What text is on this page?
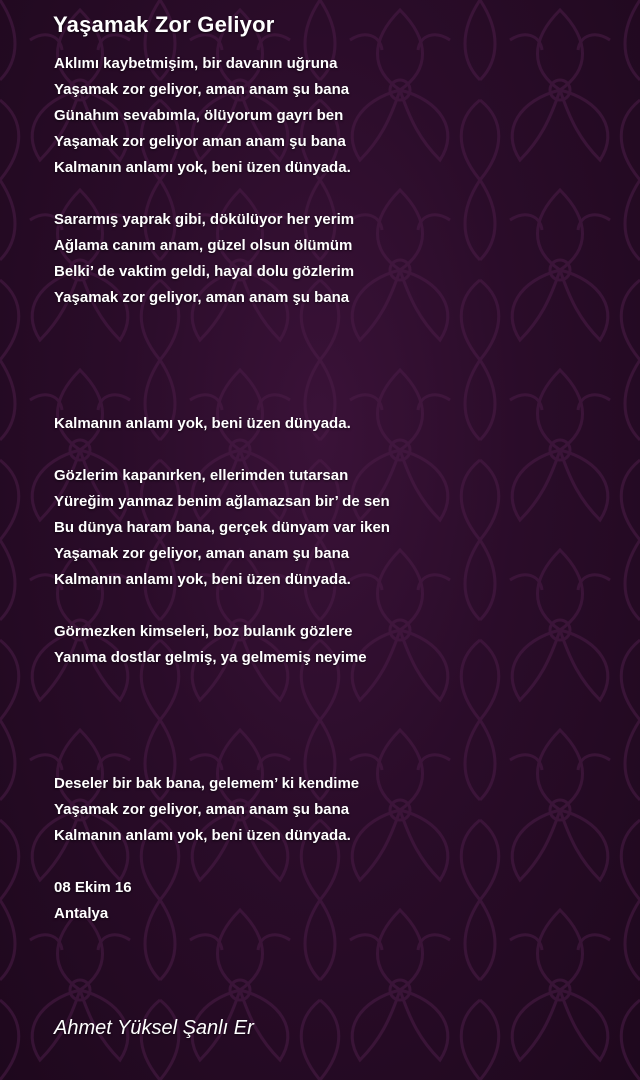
Yaşamak Zor Geliyor
Aklımı kaybetmişim, bir davanın uğruna
Yaşamak zor geliyor, aman anam şu bana
Günahım sevabımla, ölüyorum gayrı ben
Yaşamak zor geliyor aman anam şu bana
Kalmanın anlamı yok, beni üzen dünyada.
Sararmış yaprak gibi, dökülüyor her yerim
Ağlama canım anam, güzel olsun ölümüm
Belki’ de vaktim geldi, hayal dolu gözlerim
Yaşamak zor geliyor, aman anam şu bana
Kalmanın anlamı yok, beni üzen dünyada.
Gözlerim kapanırken, ellerimden tutarsan
Yüreğim yanmaz benim ağlamazsan bir’ de sen
Bu dünya haram bana, gerçek dünyam var iken
Yaşamak zor geliyor, aman anam şu bana
Kalmanın anlamı yok, beni üzen dünyada.
Görmezken kimseleri, boz bulanık gözlere
Yanıma dostlar gelmiş, ya gelmemiş neyime
Deseler bir bak bana, gelemem’ ki kendime
Yaşamak zor geliyor, aman anam şu bana
Kalmanın anlamı yok, beni üzen dünyada.
08 Ekim 16
Antalya
Ahmet Yüksel Şanlı Er
